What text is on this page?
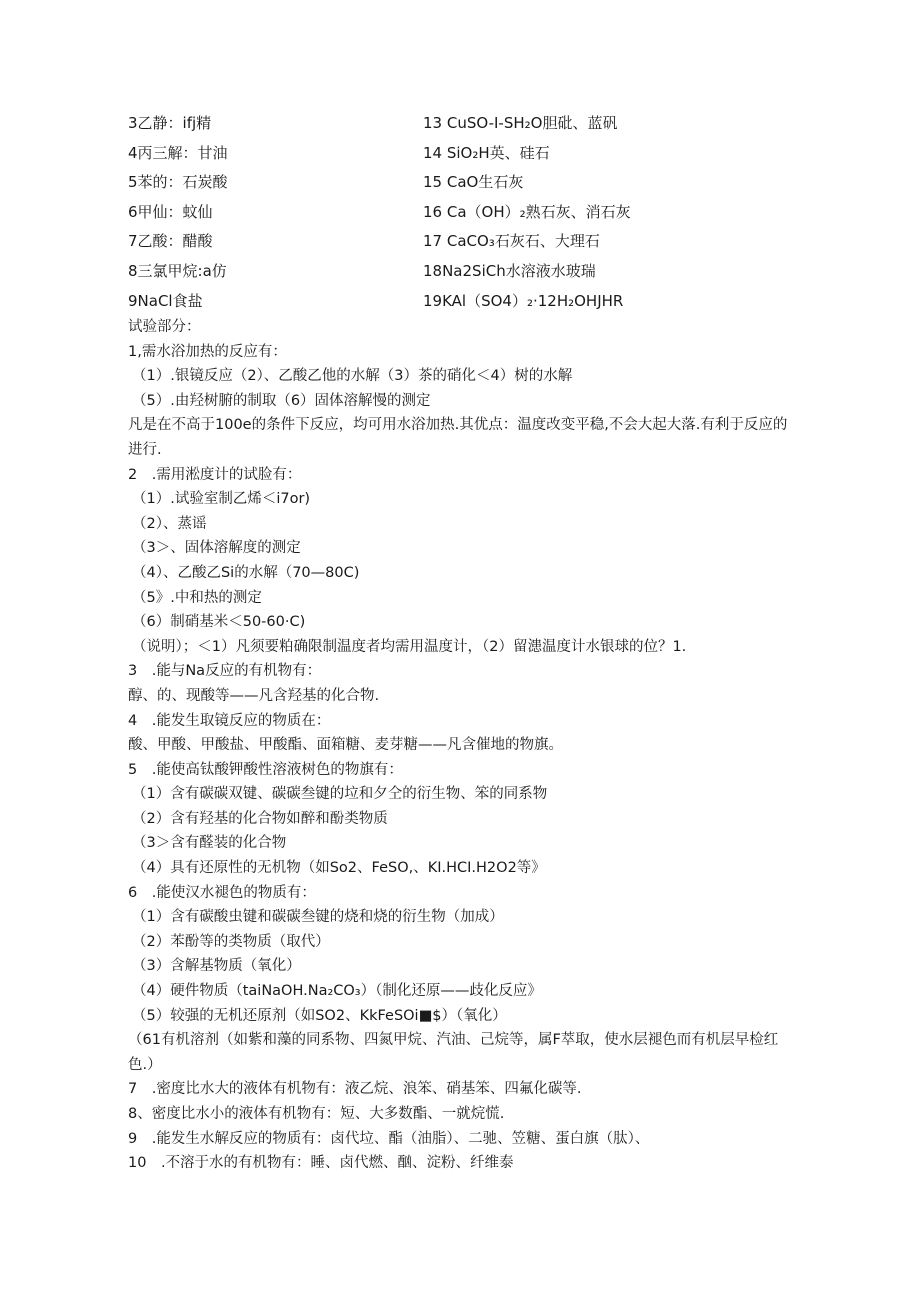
3乙静：ifj精	13 CuSO-I-SH₂O胆砒、蓝矾
4丙三解：甘油	14 SiO₂H英、硅石
5苯的：石炭酸	15 CaO生石灰
6甲仙：蚊仙	16 Ca（OH）₂熟石灰、消石灰
7乙酸：醋酸	17 CaCO₃石灰石、大理石
8三氯甲烷:a仿	18Na2SiCh水溶液水玻瑞
9NaCl食盐	19KAl（SO4）₂·12H₂OHJHR
试验部分：
1,需水浴加热的反应有：
（1）.银镜反应（2）、乙酸乙他的水解（3）茶的硝化＜4）树的水解
（5）.由羟树腑的制取（6）固体溶解慢的测定
凡是在不高于100e的条件下反应，均可用水浴加热.其优点：温度改变平稳,不会大起大落.有利于反应的进行.
2　.需用淞度计的试脸有：
（1）.试验室制乙烯＜i7or)
（2）、蒸谣
（3＞、固体溶解度的测定
（4）、乙酸乙Si的水解（70—80C)
（5》.中和热的测定
（6）制硝基米＜50-60·C)
（说明）；＜1）凡须要粕确限制温度者均需用温度计，（2）留漶温度计水银球的位？1.
3　.能与Na反应的有机物有：
醇、的、现酸等——凡含羟基的化合物.
4　.能发生取镜反应的物质在：
酸、甲酸、甲酸盐、甲酸酯、面箱糖、麦芽糖——凡含催地的物旗。
5　.能使高钛酸钾酸性溶液树色的物旗有：
（1）含有碳碳双键、碳碳叁键的垃和夕仝的衍生物、笨的同系物
（2）含有羟基的化合物如醉和酚类物质
（3＞含有醛装的化合物
（4）具有还原性的无机物（如So2、FeSO,、KI.HCI.H2O2等》
6　.能使汉水褪色的物质有：
（1）含有碳酸虫键和碳碳叁键的烧和烧的衍生物（加成）
（2）苯酚等的类物质（取代）
（3）含解基物质（氧化）
（4）硬件物质（taiNaOH.Na₂CO₃）（制化还原——歧化反应》
（5）较强的无机还原剂（如SO2、KkFeSOi■$）（氧化）
（61有机溶剂（如紫和藻的同系物、四氮甲烷、汽油、己烷等，属F萃取，使水层褪色而有机层早检红色.）
7　.密度比水大的液体有机物有：液乙烷、浪笨、硝基笨、四氟化碳等.
8、密度比水小的液体有机物有：短、大多数酯、一就烷慌.
9　.能发生水解反应的物质有：卤代垃、酯（油脂）、二驰、笠糖、蛋白旗（肽）、
10　.不溶于水的有机物有：睡、卤代燃、酗、淀粉、纤维泰
